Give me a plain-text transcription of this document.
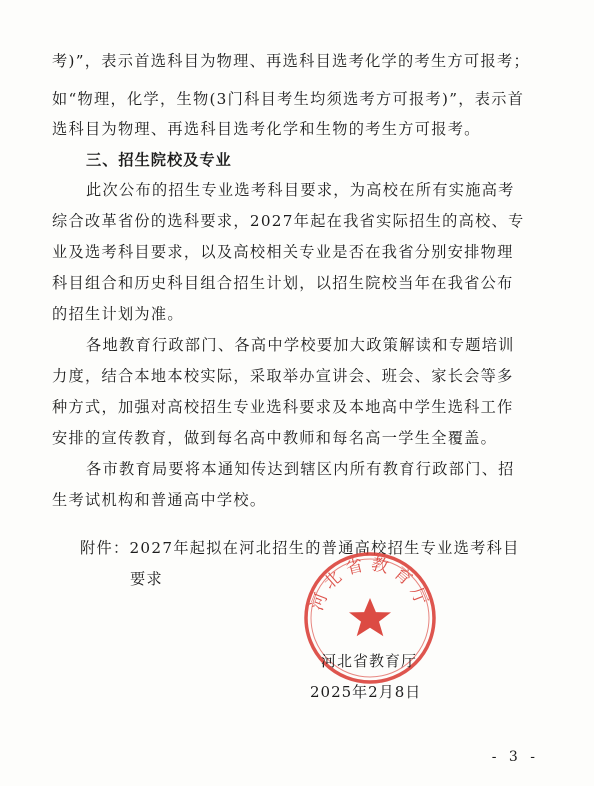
考)”，表示首选科目为物理、再选科目选考化学的考生方可报考；
如“物理，化学，生物(3门科目考生均须选考方可报考)”，表示首
选科目为物理、再选科目选考化学和生物的考生方可报考。
三、招生院校及专业
此次公布的招生专业选考科目要求，为高校在所有实施高考
综合改革省份的选科要求，2027年起在我省实际招生的高校、专
业及选考科目要求，以及高校相关专业是否在我省分别安排物理
科目组合和历史科目组合招生计划，以招生院校当年在我省公布
的招生计划为准。
各地教育行政部门、各高中学校要加大政策解读和专题培训
力度，结合本地本校实际，采取举办宣讲会、班会、家长会等多
种方式，加强对高校招生专业选科要求及本地高中学生选科工作
安排的宣传教育，做到每名高中教师和每名高一学生全覆盖。
各市教育局要将本通知传达到辖区内所有教育行政部门、招
生考试机构和普通高中学校。
附件：2027年起拟在河北招生的普通高校招生专业选考科目
要求
河北省教育厅
河北省教育厅
2025年2月8日
- 3 -
